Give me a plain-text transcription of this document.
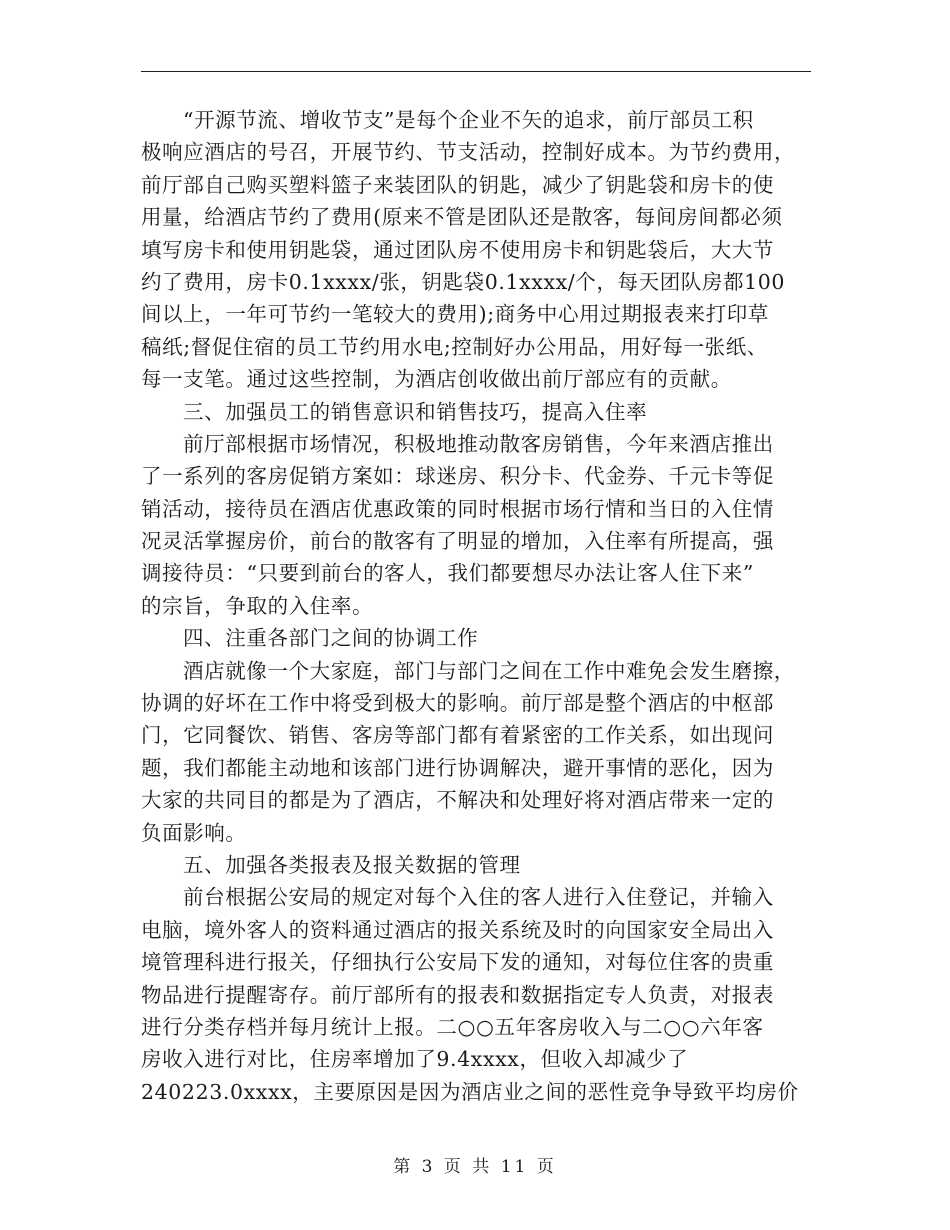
“开源节流、增收节支”是每个企业不矢的追求，前厅部员工积
极响应酒店的号召，开展节约、节支活动，控制好成本。为节约费用，
前厅部自己购买塑料篮子来装团队的钥匙，减少了钥匙袋和房卡的使
用量，给酒店节约了费用(原来不管是团队还是散客，每间房间都必须
填写房卡和使用钥匙袋，通过团队房不使用房卡和钥匙袋后，大大节
约了费用，房卡0.1xxxx/张，钥匙袋0.1xxxx/个，每天团队房都100
间以上，一年可节约一笔较大的费用);商务中心用过期报表来打印草
稿纸;督促住宿的员工节约用水电;控制好办公用品，用好每一张纸、
每一支笔。通过这些控制，为酒店创收做出前厅部应有的贡献。
三、加强员工的销售意识和销售技巧，提高入住率
前厅部根据市场情况，积极地推动散客房销售，今年来酒店推出
了一系列的客房促销方案如：球迷房、积分卡、代金券、千元卡等促
销活动，接待员在酒店优惠政策的同时根据市场行情和当日的入住情
况灵活掌握房价，前台的散客有了明显的增加，入住率有所提高，强
调接待员：“只要到前台的客人，我们都要想尽办法让客人住下来”
的宗旨，争取的入住率。
四、注重各部门之间的协调工作
酒店就像一个大家庭，部门与部门之间在工作中难免会发生磨擦，
协调的好坏在工作中将受到极大的影响。前厅部是整个酒店的中枢部
门，它同餐饮、销售、客房等部门都有着紧密的工作关系，如出现问
题，我们都能主动地和该部门进行协调解决，避开事情的恶化，因为
大家的共同目的都是为了酒店，不解决和处理好将对酒店带来一定的
负面影响。
五、加强各类报表及报关数据的管理
前台根据公安局的规定对每个入住的客人进行入住登记，并输入
电脑，境外客人的资料通过酒店的报关系统及时的向国家安全局出入
境管理科进行报关，仔细执行公安局下发的通知，对每位住客的贵重
物品进行提醒寄存。前厅部所有的报表和数据指定专人负责，对报表
进行分类存档并每月统计上报。二○○五年客房收入与二○○六年客
房收入进行对比，住房率增加了9.4xxxx，但收入却减少了
240223.0xxxx，主要原因是因为酒店业之间的恶性竞争导致平均房价
第 3 页 共 11 页
